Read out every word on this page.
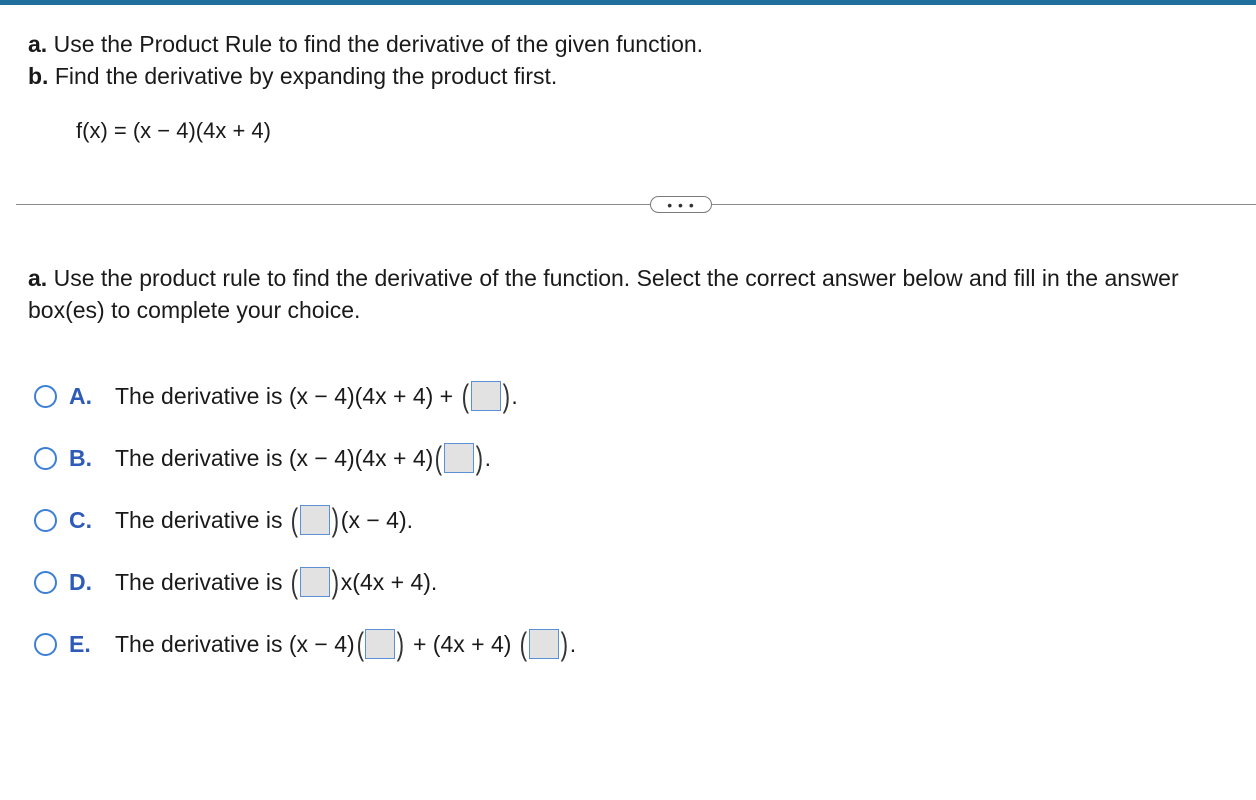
a. Use the Product Rule to find the derivative of the given function.
b. Find the derivative by expanding the product first.
f(x) = (x − 4)(4x + 4)
• • •
a. Use the product rule to find the derivative of the function. Select the correct answer below and fill in the answer box(es) to complete your choice.
A.	The derivative is (x − 4)(4x + 4) + ( ) .
B.	The derivative is (x − 4)(4x + 4) ( ) .
C.	The derivative is ( ) (x − 4).
D.	The derivative is ( ) x(4x + 4).
E.	The derivative is (x − 4) ( ) + (4x + 4) ( ) .
